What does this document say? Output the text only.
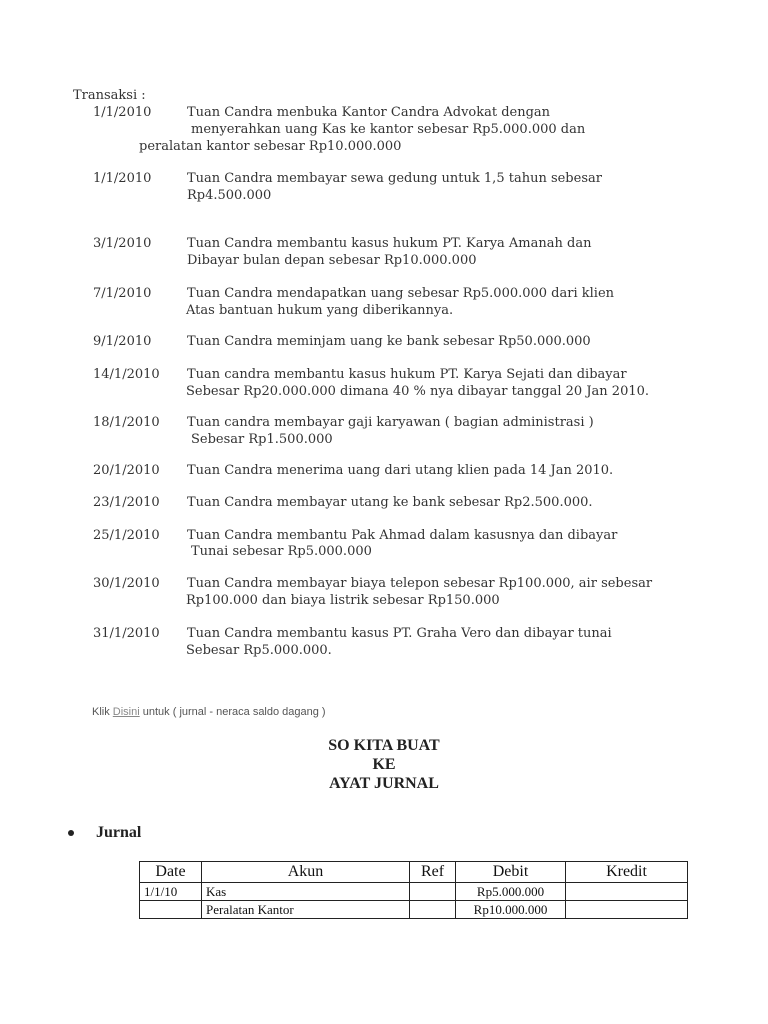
Transaksi :
1/1/2010	Tuan Candra menbuka Kantor Candra Advokat dengan
menyerahkan uang Kas ke kantor sebesar Rp5.000.000 dan
peralatan kantor sebesar Rp10.000.000
1/1/2010	Tuan Candra membayar sewa gedung untuk 1,5 tahun sebesar
Rp4.500.000
3/1/2010	Tuan Candra membantu kasus hukum PT. Karya Amanah dan
Dibayar bulan depan sebesar Rp10.000.000
7/1/2010	Tuan Candra mendapatkan uang sebesar Rp5.000.000 dari klien
Atas bantuan hukum yang diberikannya.
9/1/2010	Tuan Candra meminjam uang ke bank sebesar Rp50.000.000
14/1/2010 Tuan candra membantu kasus hukum PT. Karya Sejati dan dibayar
Sebesar Rp20.000.000 dimana 40 % nya dibayar tanggal 20 Jan 2010.
18/1/2010 Tuan candra membayar gaji karyawan ( bagian administrasi )
Sebesar Rp1.500.000
20/1/2010 Tuan Candra menerima uang dari utang klien pada 14 Jan 2010.
23/1/2010 Tuan Candra membayar utang ke bank sebesar Rp2.500.000.
25/1/2010 Tuan Candra membantu Pak Ahmad dalam kasusnya dan dibayar
Tunai sebesar Rp5.000.000
30/1/2010 Tuan Candra membayar biaya telepon sebesar Rp100.000, air sebesar
Rp100.000 dan biaya listrik sebesar Rp150.000
31/1/2010 Tuan Candra membantu kasus PT. Graha Vero dan dibayar tunai
Sebesar Rp5.000.000.
Klik Disini untuk ( jurnal - neraca saldo dagang )
SO KITA BUAT
KE
AYAT JURNAL
Jurnal
Date	Akun	Ref	Debit	Kredit
1/1/10	Kas		Rp5.000.000	
	Peralatan Kantor		Rp10.000.000	
